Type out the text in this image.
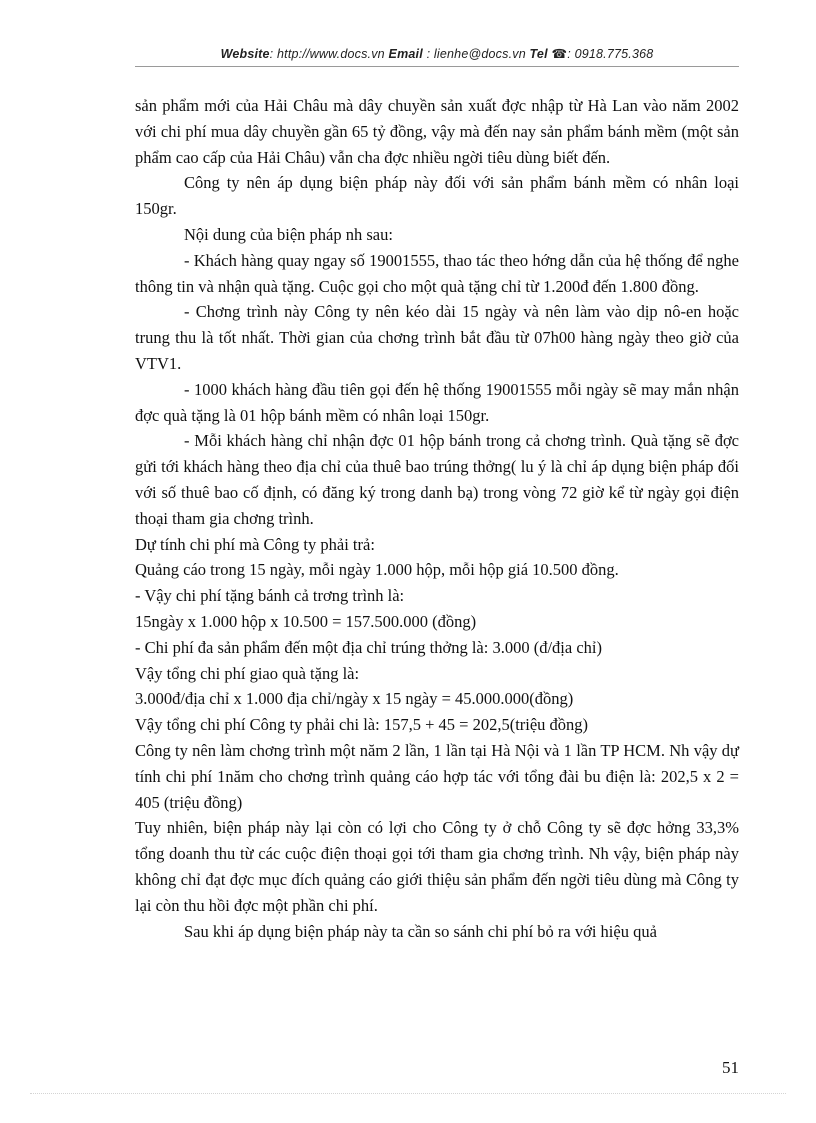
Website: http://www.docs.vn Email : lienhe@docs.vn Tel ☎: 0918.775.368

sản phẩm mới của Hải Châu mà dây chuyền sản xuất đợc nhập từ Hà Lan vào năm 2002 với chi phí mua dây chuyền gần 65 tỷ đồng, vậy mà đến nay sản phẩm bánh mềm (một sản phẩm cao cấp của Hải Châu) vẫn cha đợc nhiều ngời tiêu dùng biết đến.

Công ty nên áp dụng biện pháp này đối với sản phẩm bánh mềm có nhân loại 150gr.

Nội dung của biện pháp nh sau:

- Khách hàng quay ngay số 19001555, thao tác theo hớng dẫn của hệ thống để nghe thông tin và nhận quà tặng. Cuộc gọi cho một quà tặng chỉ từ 1.200đ đến 1.800 đồng.

- Chơng trình này Công ty nên kéo dài 15 ngày và nên làm vào dịp nô-en hoặc trung thu là tốt nhất. Thời gian của chơng trình bắt đầu từ 07h00 hàng ngày theo giờ của VTV1.

- 1000 khách hàng đầu tiên gọi đến hệ thống 19001555 mỗi ngày sẽ may mắn nhận đợc quà tặng là 01 hộp bánh mềm có nhân loại 150gr.

- Mỗi khách hàng chỉ nhận đợc 01 hộp bánh trong cả chơng trình. Quà tặng sẽ đợc gửi tới khách hàng theo địa chỉ của thuê bao trúng thởng( lu ý là chỉ áp dụng biện pháp đối với số thuê bao cố định, có đăng ký trong danh bạ) trong vòng 72 giờ kể từ ngày gọi điện thoại tham gia chơng trình.

Dự tính chi phí mà Công ty phải trả:

Quảng cáo trong 15 ngày, mỗi ngày 1.000 hộp, mỗi hộp giá 10.500 đồng.

- Vậy chi phí tặng bánh cả trơng trình là:

15ngày x 1.000 hộp x 10.500 = 157.500.000 (đồng)

- Chi phí đa sản phẩm đến một địa chỉ trúng thởng là: 3.000 (đ/địa chỉ)

Vậy tổng chi phí giao quà tặng là:

3.000đ/địa chỉ x 1.000 địa chỉ/ngày x 15 ngày = 45.000.000(đồng)

Vậy tổng chi phí Công ty phải chi là: 157,5 + 45 = 202,5(triệu đồng)

Công ty nên làm chơng trình một năm 2 lần, 1 lần tại Hà Nội và 1 lần TP HCM. Nh vậy dự tính chi phí 1năm cho chơng trình quảng cáo hợp tác với tổng đài bu điện là: 202,5 x 2 = 405 (triệu đồng)

Tuy nhiên, biện pháp này lại còn có lợi cho Công ty ở chỗ Công ty sẽ đợc hởng 33,3% tổng doanh thu từ các cuộc điện thoại gọi tới tham gia chơng trình. Nh vậy, biện pháp này không chỉ đạt đợc mục đích quảng cáo giới thiệu sản phẩm đến ngời tiêu dùng mà Công ty lại còn thu hồi đợc một phần chi phí.

Sau khi áp dụng biện pháp này ta cần so sánh chi phí bỏ ra với hiệu quả

51
